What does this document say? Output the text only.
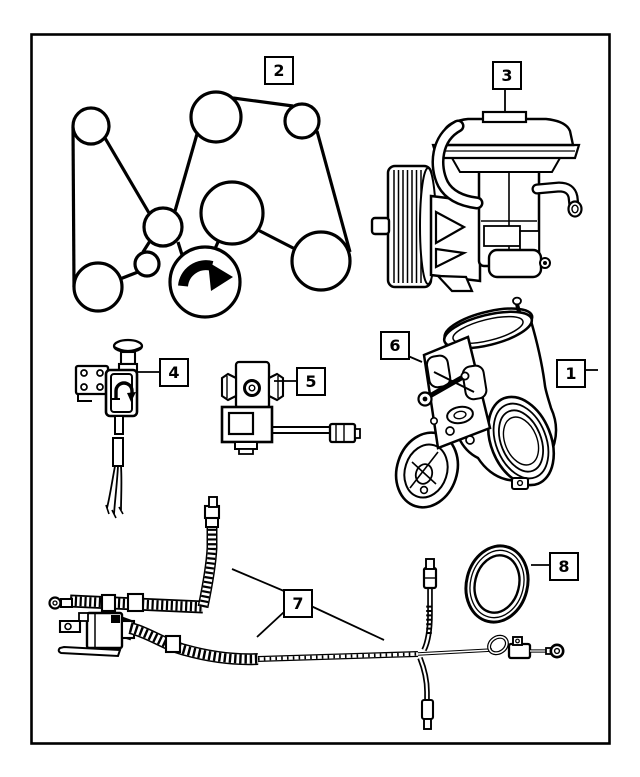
2	3
4	5
6
1
7
8
